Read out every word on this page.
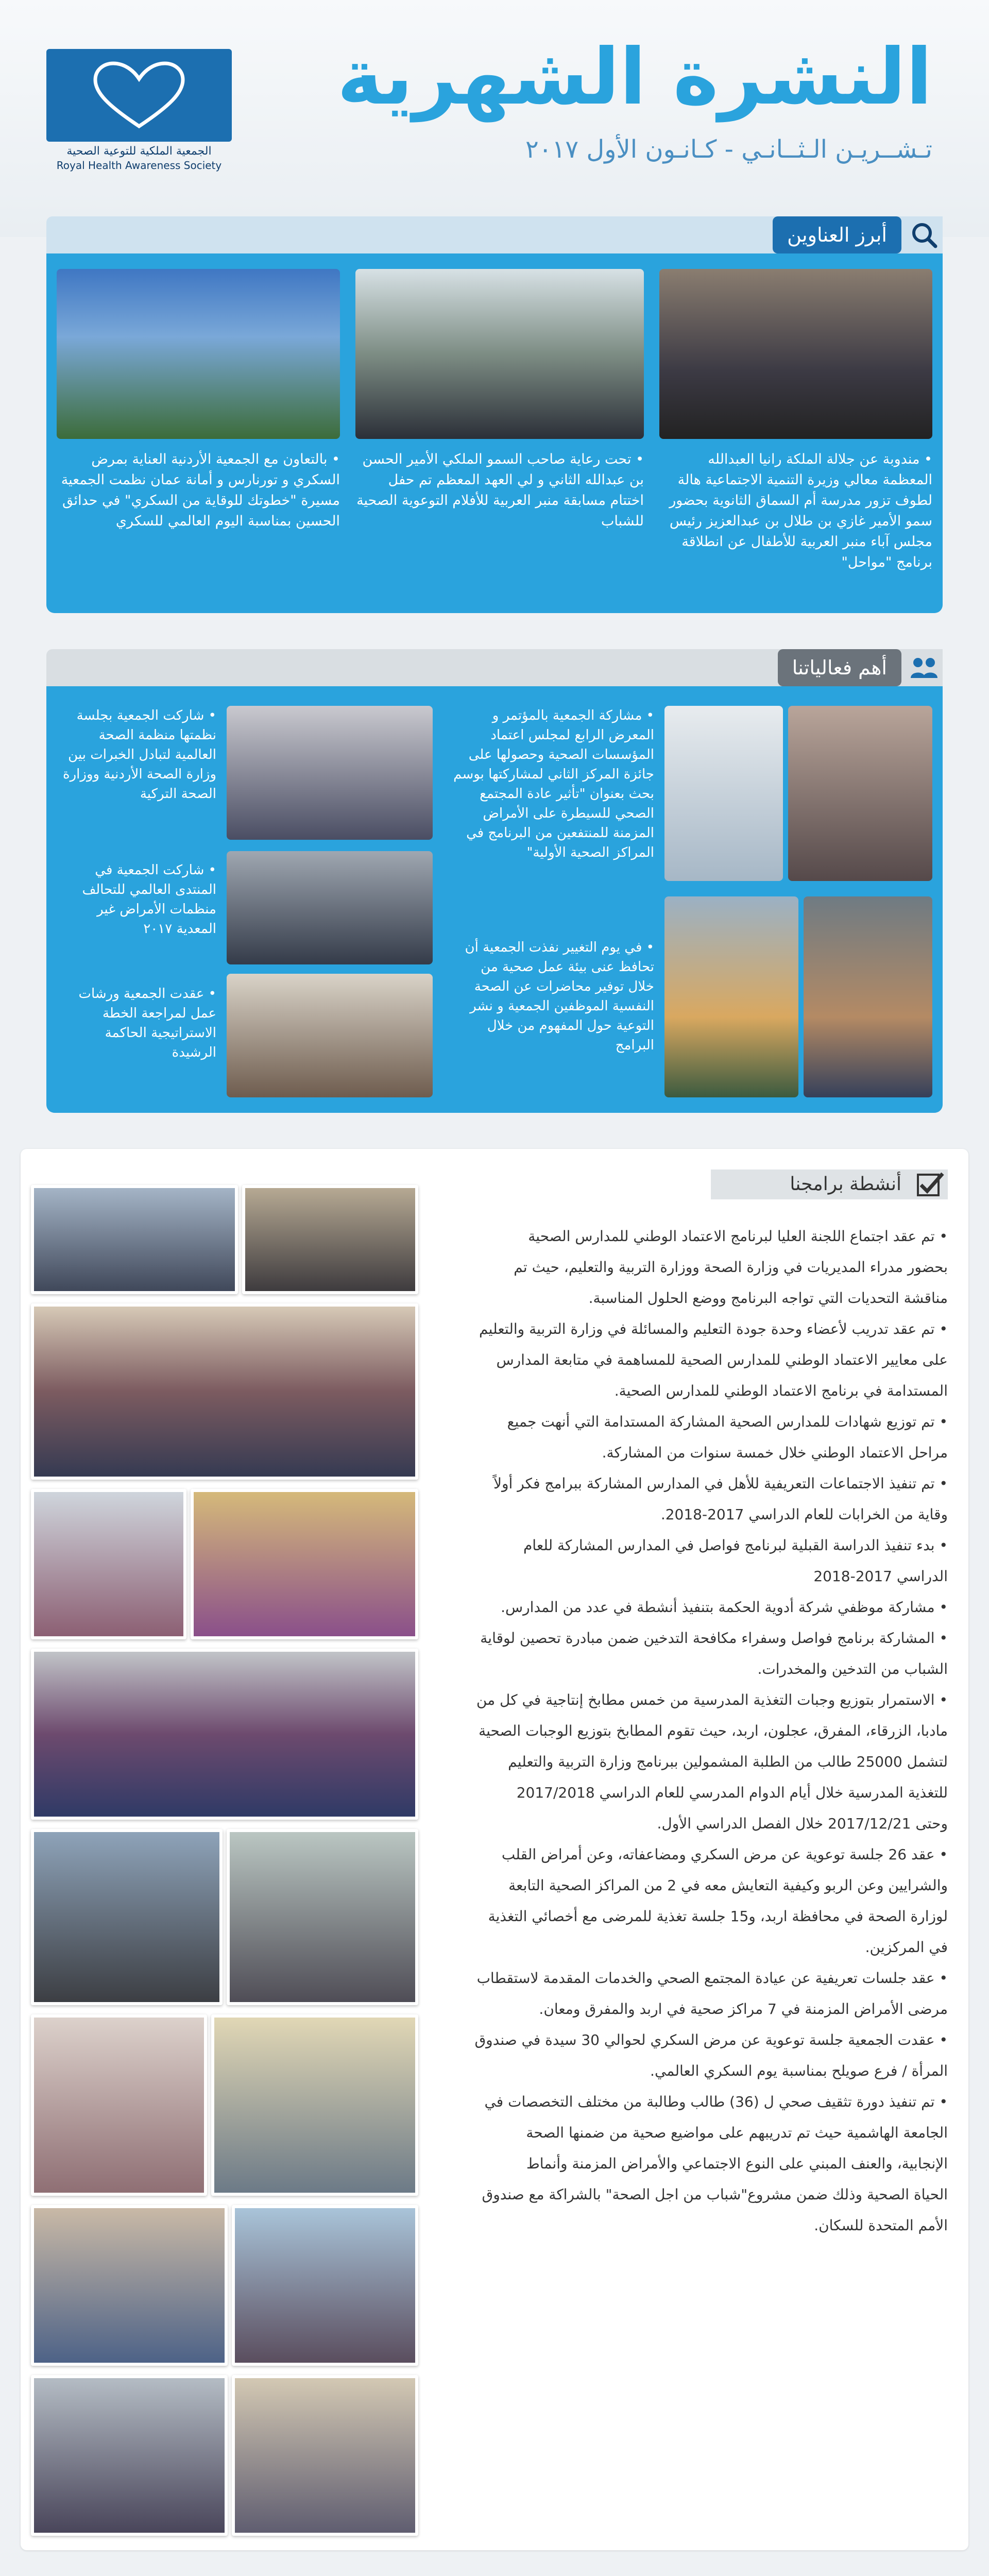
الجمعية الملكية للتوعية الصحية
Royal Health Awareness Society
النشرة الشهرية
تـشــريـن الـثــانـي - كـانـون الأول ٢٠١٧
أبرز العناوين
• مندوبة عن جلالة الملكة رانيا العبدالله المعظمة معالي وزيرة التنمية الاجتماعية هالة لطوف تزور مدرسة أم السماق الثانوية بحضور سمو الأمير غازي بن طلال بن عبدالعزيز رئيس مجلس آباء منبر العربية للأطفال عن انطلاقة برنامج "مواحل"
• تحت رعاية صاحب السمو الملكي الأمير الحسن بن عبدالله الثاني و لي العهد المعظم تم حفل اختتام مسابقة منبر العربية للأفلام التوعوية الصحية للشباب
• بالتعاون مع الجمعية الأردنية العناية بمرض السكري و تورنارس و أمانة عمان نظمت الجمعية مسيرة "خطوتك للوقاية من السكري" في حدائق الحسين بمناسبة اليوم العالمي للسكري
أهم فعالياتنا
• مشاركة الجمعية بالمؤتمر و المعرض الرابع لمجلس اعتماد المؤسسات الصحية وحصولها على جائزة المركز الثاني لمشاركتها بوسم بحث بعنوان "تأثير عادة المجتمع الصحي للسيطرة على الأمراض المزمنة للمنتفعين من البرنامج في المراكز الصحية الأولية"
• في يوم التغيير نفذت الجمعية أن تحافظ عنى بيئة عمل صحية من خلال توفير محاضرات عن الصحة النفسية الموظفين الجمعية و نشر التوعية حول المفهوم من خلال البرامج
• شاركت الجمعية بجلسة نظمتها منظمة الصحة العالمية لتبادل الخبرات بين وزارة الصحة الأردنية ووزارة الصحة التركية
• شاركت الجمعية في المنتدى العالمي للتحالف منظمات الأمراض غير المعدية ٢٠١٧
• عقدت الجمعية ورشات عمل لمراجعة الخطة الاستراتيجية الحاكمة الرشيدة
أنشطة برامجنا
• تم عقد اجتماع اللجنة العليا لبرنامج الاعتماد الوطني للمدارس الصحية
بحضور مدراء المديريات في وزارة الصحة ووزارة التربية والتعليم، حيث تم
مناقشة التحديات التي تواجه البرنامج ووضع الحلول المناسبة.
• تم عقد تدريب لأعضاء وحدة جودة التعليم والمسائلة في وزارة التربية والتعليم
على معايير الاعتماد الوطني للمدارس الصحية للمساهمة في متابعة المدارس
المستدامة في برنامج الاعتماد الوطني للمدارس الصحية.
• تم توزيع شهادات للمدارس الصحية المشاركة المستدامة التي أنهت جميع
مراحل الاعتماد الوطني خلال خمسة سنوات من المشاركة.
• تم تنفيذ الاجتماعات التعريفية للأهل في المدارس المشاركة ببرامج فكر أولاً
وقاية من الخرابات للعام الدراسي 2017-2018.
• بدء تنفيذ الدراسة القبلية لبرنامج فواصل في المدارس المشاركة للعام
الدراسي 2017-2018
• مشاركة موظفي شركة أدوية الحكمة بتنفيذ أنشطة في عدد من المدارس.
• المشاركة برنامج فواصل وسفراء مكافحة التدخين ضمن مبادرة تحصين لوقاية
الشباب من التدخين والمخدرات.
• الاستمرار بتوزيع وجبات التغذية المدرسية من خمس مطابخ إنتاجية في كل من
مادبا، الزرقاء، المفرق، عجلون، اربد، حيث تقوم المطابخ بتوزيع الوجبات الصحية
لتشمل 25000 طالب من الطلبة المشمولين ببرنامج وزارة التربية والتعليم
للتغذية المدرسية خلال أيام الدوام المدرسي للعام الدراسي 2017/2018
وحتى 2017/12/21 خلال الفصل الدراسي الأول.
• عقد 26 جلسة توعوية عن مرض السكري ومضاعفاته، وعن أمراض القلب
والشرايين وعن الربو وكيفية التعايش معه في 2 من المراكز الصحية التابعة
لوزارة الصحة في محافظة اربد، و15 جلسة تغذية للمرضى مع أخصائي التغذية
في المركزين.
• عقد جلسات تعريفية عن عيادة المجتمع الصحي والخدمات المقدمة لاستقطاب
مرضى الأمراض المزمنة في 7 مراكز صحية في اربد والمفرق ومعان.
• عقدت الجمعية جلسة توعوية عن مرض السكري لحوالي 30 سيدة في صندوق
المرأة / فرع صويلح بمناسبة يوم السكري العالمي.
• تم تنفيذ دورة تثقيف صحي ل (36) طالب وطالبة من مختلف التخصصات في
الجامعة الهاشمية حيث تم تدريبهم على مواضيع صحية من ضمنها الصحة
الإنجابية، والعنف المبني على النوع الاجتماعي والأمراض المزمنة وأنماط
الحياة الصحية وذلك ضمن مشروع"شباب من اجل الصحة" بالشراكة مع صندوق
الأمم المتحدة للسكان.
